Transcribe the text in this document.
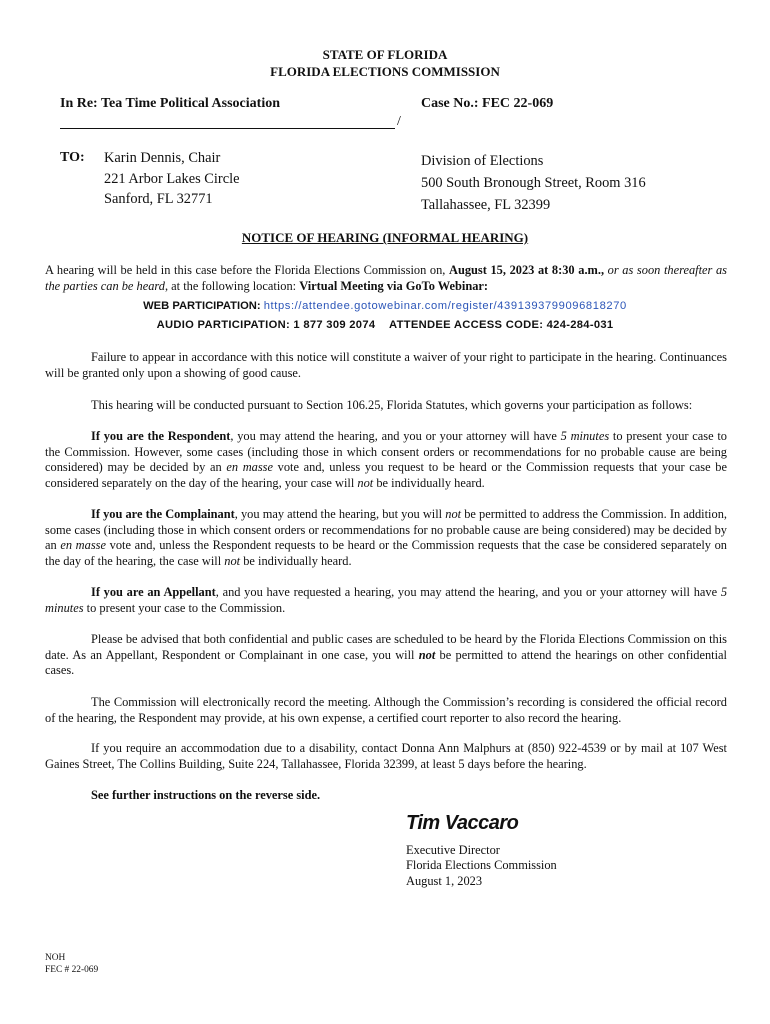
STATE OF FLORIDA
FLORIDA ELECTIONS COMMISSION
In Re: Tea Time Political Association	Case No.: FEC 22-069
/
TO: Karin Dennis, Chair
221 Arbor Lakes Circle
Sanford, FL 32771
Division of Elections
500 South Bronough Street, Room 316
Tallahassee, FL 32399
NOTICE OF HEARING (INFORMAL HEARING)
A hearing will be held in this case before the Florida Elections Commission on, August 15, 2023 at 8:30 a.m., or as soon thereafter as the parties can be heard, at the following location: Virtual Meeting via GoTo Webinar:
WEB PARTICIPATION: https://attendee.gotowebinar.com/register/4391393799096818270
AUDIO PARTICIPATION: 1 877 309 2074 ATTENDEE ACCESS CODE: 424-284-031
Failure to appear in accordance with this notice will constitute a waiver of your right to participate in the hearing. Continuances will be granted only upon a showing of good cause.
This hearing will be conducted pursuant to Section 106.25, Florida Statutes, which governs your participation as follows:
If you are the Respondent, you may attend the hearing, and you or your attorney will have 5 minutes to present your case to the Commission. However, some cases (including those in which consent orders or recommendations for no probable cause are being considered) may be decided by an en masse vote and, unless you request to be heard or the Commission requests that your case be considered separately on the day of the hearing, your case will not be individually heard.
If you are the Complainant, you may attend the hearing, but you will not be permitted to address the Commission. In addition, some cases (including those in which consent orders or recommendations for no probable cause are being considered) may be decided by an en masse vote and, unless the Respondent requests to be heard or the Commission requests that the case be considered separately on the day of the hearing, the case will not be individually heard.
If you are an Appellant, and you have requested a hearing, you may attend the hearing, and you or your attorney will have 5 minutes to present your case to the Commission.
Please be advised that both confidential and public cases are scheduled to be heard by the Florida Elections Commission on this date. As an Appellant, Respondent or Complainant in one case, you will not be permitted to attend the hearings on other confidential cases.
The Commission will electronically record the meeting. Although the Commission’s recording is considered the official record of the hearing, the Respondent may provide, at his own expense, a certified court reporter to also record the hearing.
If you require an accommodation due to a disability, contact Donna Ann Malphurs at (850) 922-4539 or by mail at 107 West Gaines Street, The Collins Building, Suite 224, Tallahassee, Florida 32399, at least 5 days before the hearing.
See further instructions on the reverse side.
Tim Vaccaro
Executive Director
Florida Elections Commission
August 1, 2023
NOH
FEC # 22-069
